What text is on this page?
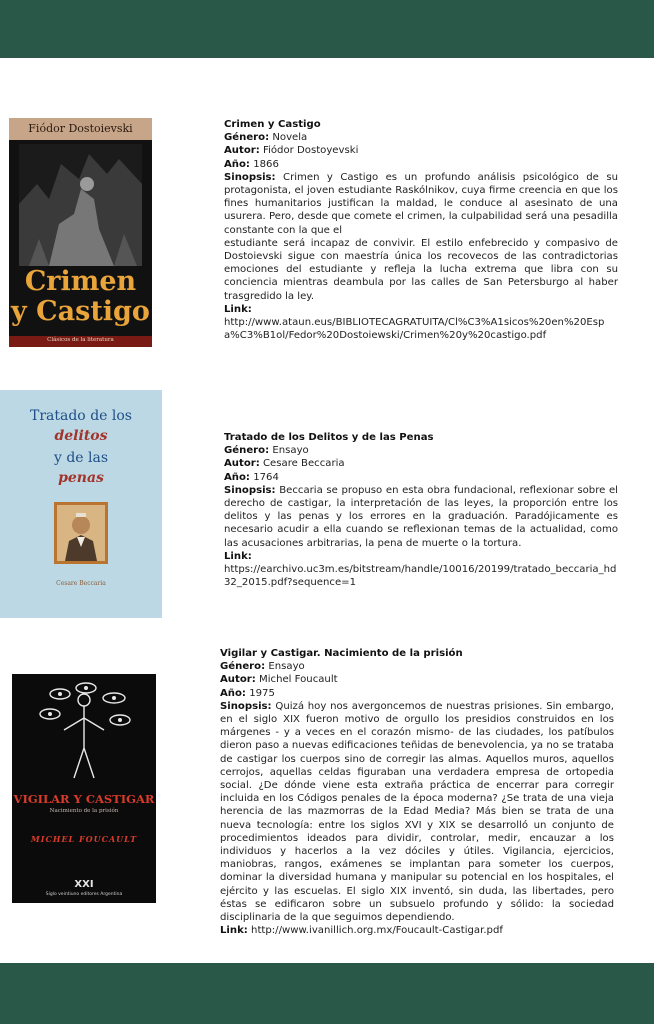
Fiódor Dostoievski
Crimen
y Castigo
Clásicos de la literatura

Crimen y Castigo

Género: Novela

Autor: Fiódor Dostoyevski

Año: 1866

Sinopsis: Crimen y Castigo es un profundo análisis psicológico de su protagonista, el joven estudiante Raskólnikov, cuya firme creencia en que los fines humanitarios justifican la maldad, le conduce al asesinato de una usurera. Pero, desde que comete el crimen, la culpabilidad será una pesadilla constante con la que el

estudiante será incapaz de convivir. El estilo enfebrecido y compasivo de Dostoievski sigue con maestría única los recovecos de las contradictorias emociones del estudiante y refleja la lucha extrema que libra con su conciencia mientras deambula por las calles de San Petersburgo al haber trasgredido la ley.

Link:

http://www.ataun.eus/BIBLIOTECAGRATUITA/Cl%C3%A1sicos%20en%20Espa%C3%B1ol/Fedor%20Dostoiewski/Crimen%20y%20castigo.pdf

Tratado de los
delitos
y de las
penas
Cesare Beccaria

Tratado de los Delitos y de las Penas

Género: Ensayo

Autor: Cesare Beccaria

Año: 1764

Sinopsis: Beccaria se propuso en esta obra fundacional, reflexionar sobre el derecho de castigar, la interpretación de las leyes, la proporción entre los delitos y las penas y los errores en la graduación. Paradójicamente es necesario acudir a ella cuando se reflexionan temas de la actualidad, como las acusaciones arbitrarias, la pena de muerte o la tortura.

Link:

https://earchivo.uc3m.es/bitstream/handle/10016/20199/tratado_beccaria_hd32_2015.pdf?sequence=1

VIGILAR Y CASTIGAR
Nacimiento de la prisión
MICHEL FOUCAULT
XXI
Siglo veintiuno editores Argentina

Vigilar y Castigar. Nacimiento de la prisión

Género: Ensayo

Autor: Michel Foucault

Año: 1975

Sinopsis: Quizá hoy nos avergoncemos de nuestras prisiones. Sin embargo, en el siglo XIX fueron motivo de orgullo los presidios construidos en los márgenes - y a veces en el corazón mismo- de las ciudades, los patíbulos dieron paso a nuevas edificaciones teñidas de benevolencia, ya no se trataba de castigar los cuerpos sino de corregir las almas. Aquellos muros, aquellos cerrojos, aquellas celdas figuraban una verdadera empresa de ortopedia social. ¿De dónde viene esta extraña práctica de encerrar para corregir incluida en los Códigos penales de la época moderna? ¿Se trata de una vieja herencia de las mazmorras de la Edad Media? Más bien se trata de una nueva tecnología: entre los siglos XVI y XIX se desarrolló un conjunto de procedimientos ideados para dividir, controlar, medir, encauzar a los individuos y hacerlos a la vez dóciles y útiles. Vigilancia, ejercicios, maniobras, rangos, exámenes se implantan para someter los cuerpos, dominar la diversidad humana y manipular su potencial en los hospitales, el ejército y las escuelas. El siglo XIX inventó, sin duda, las libertades, pero éstas se edificaron sobre un subsuelo profundo y sólido: la sociedad disciplinaria de la que seguimos dependiendo.

Link: http://www.ivanillich.org.mx/Foucault-Castigar.pdf
